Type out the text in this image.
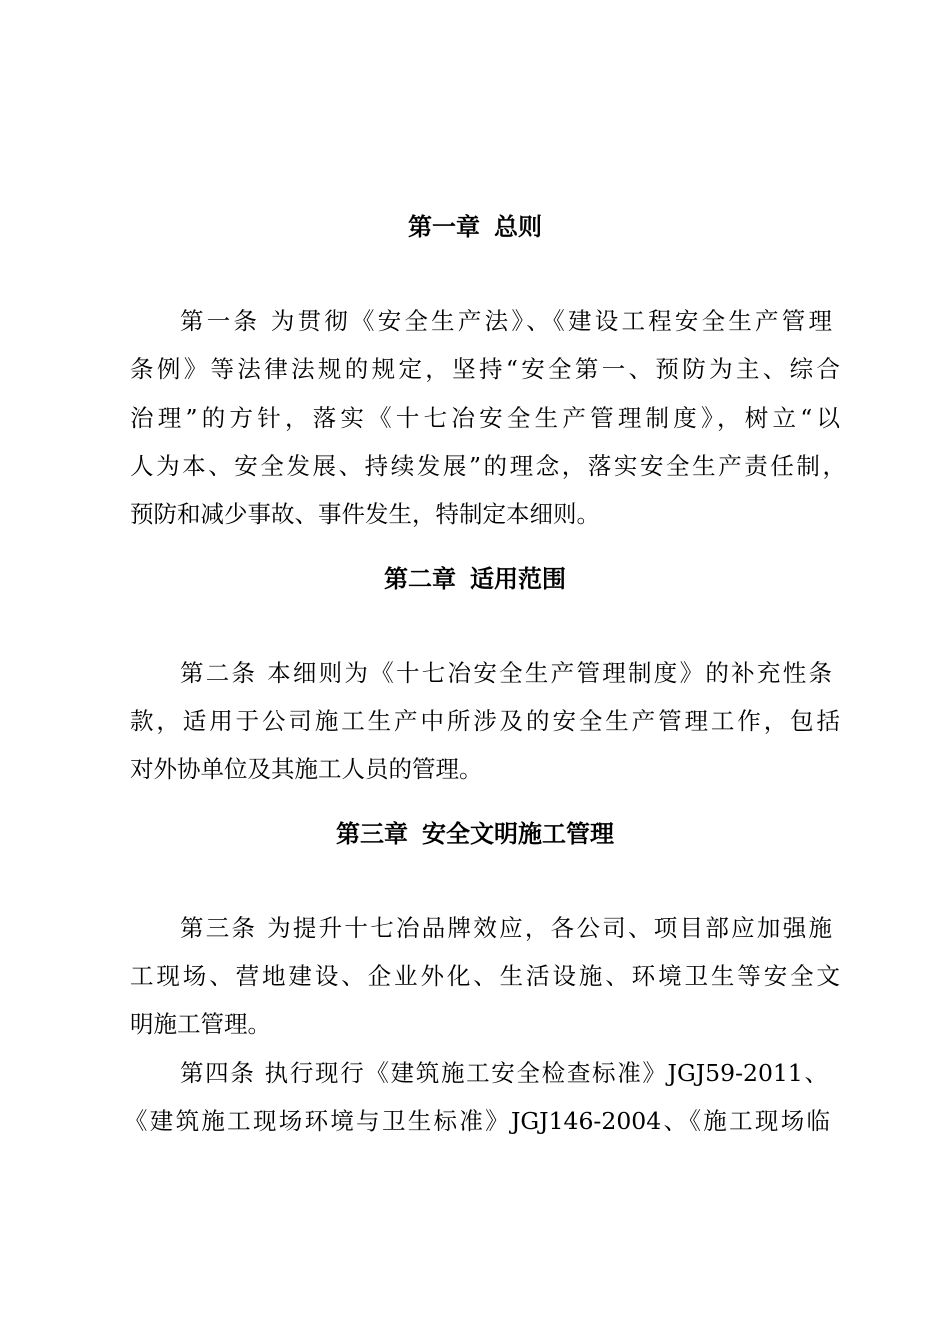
第一章 总则
第一条 为贯彻《安全生产法》、《建设工程安全生产管理
条例》等法律法规的规定，坚持“安全第一、预防为主、综合
治理”的方针，落实《十七冶安全生产管理制度》，树立“以
人为本、安全发展、持续发展”的理念，落实安全生产责任制，
预防和减少事故、事件发生，特制定本细则。
第二章 适用范围
第二条 本细则为《十七冶安全生产管理制度》的补充性条
款，适用于公司施工生产中所涉及的安全生产管理工作，包括
对外协单位及其施工人员的管理。
第三章 安全文明施工管理
第三条 为提升十七冶品牌效应，各公司、项目部应加强施
工现场、营地建设、企业外化、生活设施、环境卫生等安全文
明施工管理。
第四条 执行现行《建筑施工安全检查标准》JGJ59-2011、
《建筑施工现场环境与卫生标准》JGJ146-2004、《施工现场临
